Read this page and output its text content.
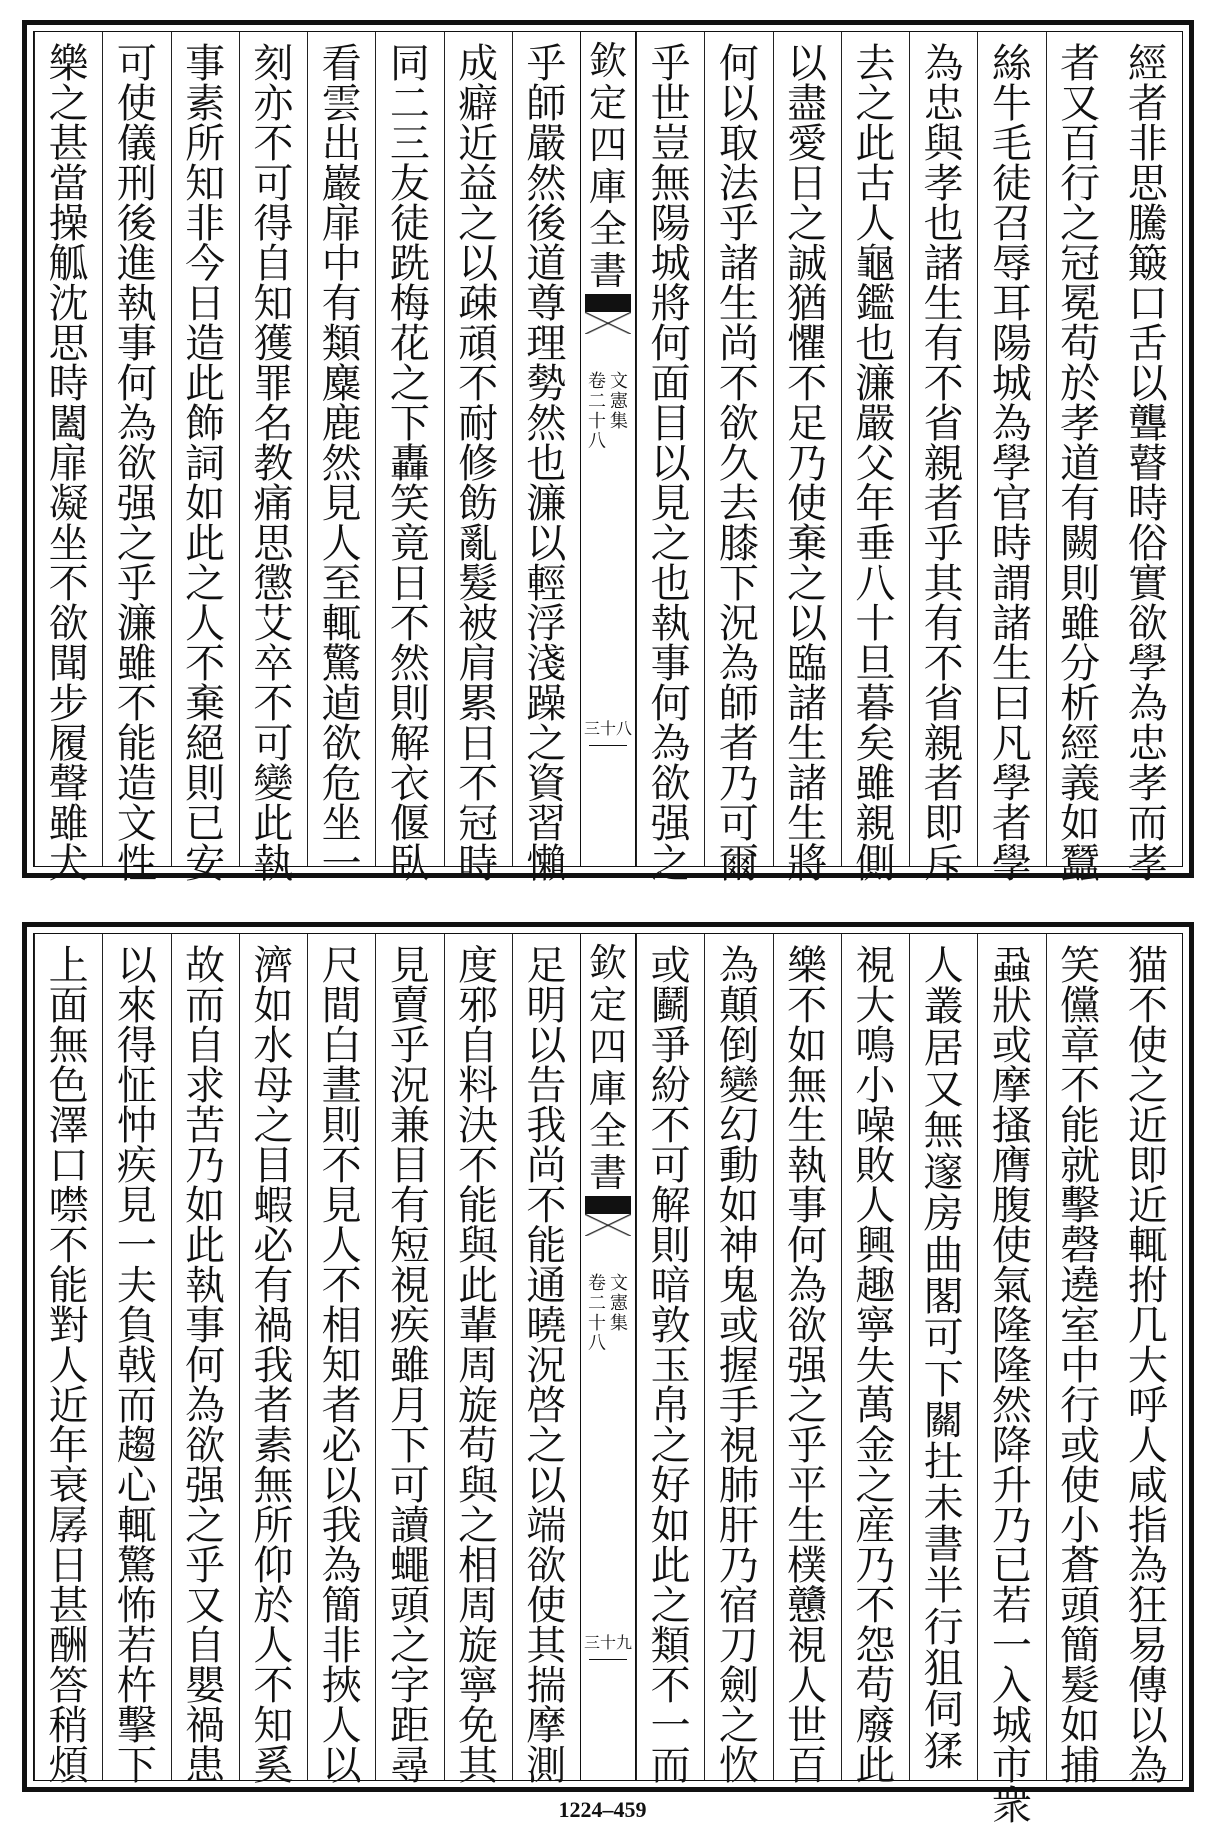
經
者
非
思
騰
簸
口
舌
以
聾
瞽
時
俗
實
欲
學
為
忠
孝
而
孝
者
又
百
行
之
冠
冕
苟
於
孝
道
有
闕
則
雖
分
析
經
義
如
蠶
絲
牛
毛
徒
召
辱
耳
陽
城
為
學
官
時
謂
諸
生
曰
凡
學
者
學
為
忠
與
孝
也
諸
生
有
不
省
親
者
乎
其
有
不
省
親
者
即
斥
去
之
此
古
人
龜
鑑
也
濂
嚴
父
年
垂
八
十
旦
暮
矣
雖
親
側
以
盡
愛
日
之
誠
猶
懼
不
足
乃
使
棄
之
以
臨
諸
生
諸
生
將
何
以
取
法
乎
諸
生
尚
不
欲
久
去
膝
下
況
為
師
者
乃
可
爾
乎
世
豈
無
陽
城
將
何
面
目
以
見
之
也
執
事
何
為
欲
强
之
欽
定
四
庫
全
書
卷
二
十
八
文
憲
集
三十八
乎
師
嚴
然
後
道
尊
理
勢
然
也
濂
以
輕
浮
淺
躁
之
資
習
懶
成
癖
近
益
之
以
疎
頑
不
耐
修
飭
亂
髮
被
肩
累
日
不
冠
時
同
二
三
友
徒
跣
梅
花
之
下
轟
笑
竟
日
不
然
則
解
衣
偃
臥
看
雲
出
巖
扉
中
有
類
麋
鹿
然
見
人
至
輒
驚
逌
欲
危
坐
一
刻
亦
不
可
得
自
知
獲
罪
名
教
痛
思
懲
艾
卒
不
可
變
此
執
事
素
所
知
非
今
日
造
此
飾
詞
如
此
之
人
不
棄
絕
則
已
安
可
使
儀
刑
後
進
執
事
何
為
欲
强
之
乎
濂
雖
不
能
造
文
性
樂
之
甚
當
操
觚
沈
思
時
闔
扉
凝
坐
不
欲
聞
步
履
聲
雖
犬
猫
不
使
之
近
即
近
輒
拊
几
大
呼
人
咸
指
為
狂
易
傳
以
為
笑
儻
章
不
能
就
擊
磬
遶
室
中
行
或
使
小
蒼
頭
簡
髮
如
捕
蝨
狀
或
摩
搔
膺
腹
使
氣
隆
隆
然
降
升
乃
已
若
一
入
城
市
衆
人
叢
居
又
無
邃
房
曲
閣
可
下
關
扗
未
書
半
行
狙
伺
猱
視
大
鳴
小
噪
敗
人
興
趣
寧
失
萬
金
之
産
乃
不
怨
苟
廢
此
樂
不
如
無
生
執
事
何
為
欲
强
之
乎
平
生
樸
戇
視
人
世
百
為
顛
倒
變
幻
動
如
神
鬼
或
握
手
視
肺
肝
乃
宿
刀
劍
之
忺
或
鬬
爭
紛
不
可
解
則
暗
敦
玉
帛
之
好
如
此
之
類
不
一
而
欽
定
四
庫
全
書
卷
二
十
八
文
憲
集
三十九
足
明
以
告
我
尚
不
能
通
曉
況
啓
之
以
端
欲
使
其
揣
摩
測
度
邪
自
料
決
不
能
與
此
輩
周
旋
苟
與
之
相
周
旋
寧
免
其
見
賣
乎
況
兼
目
有
短
視
疾
雖
月
下
可
讀
蠅
頭
之
字
距
尋
尺
間
白
晝
則
不
見
人
不
相
知
者
必
以
我
為
簡
非
挾
人
以
濟
如
水
母
之
目
蝦
必
有
禍
我
者
素
無
所
仰
於
人
不
知
奚
故
而
自
求
苦
乃
如
此
執
事
何
為
欲
强
之
乎
又
自
嬰
禍
患
以
來
得
怔
忡
疾
見
一
夫
負
戟
而
趨
心
輒
驚
怖
若
杵
擊
下
上
面
無
色
澤
口
噤
不
能
對
人
近
年
衰
孱
日
甚
酬
答
稍
煩
1224–459
